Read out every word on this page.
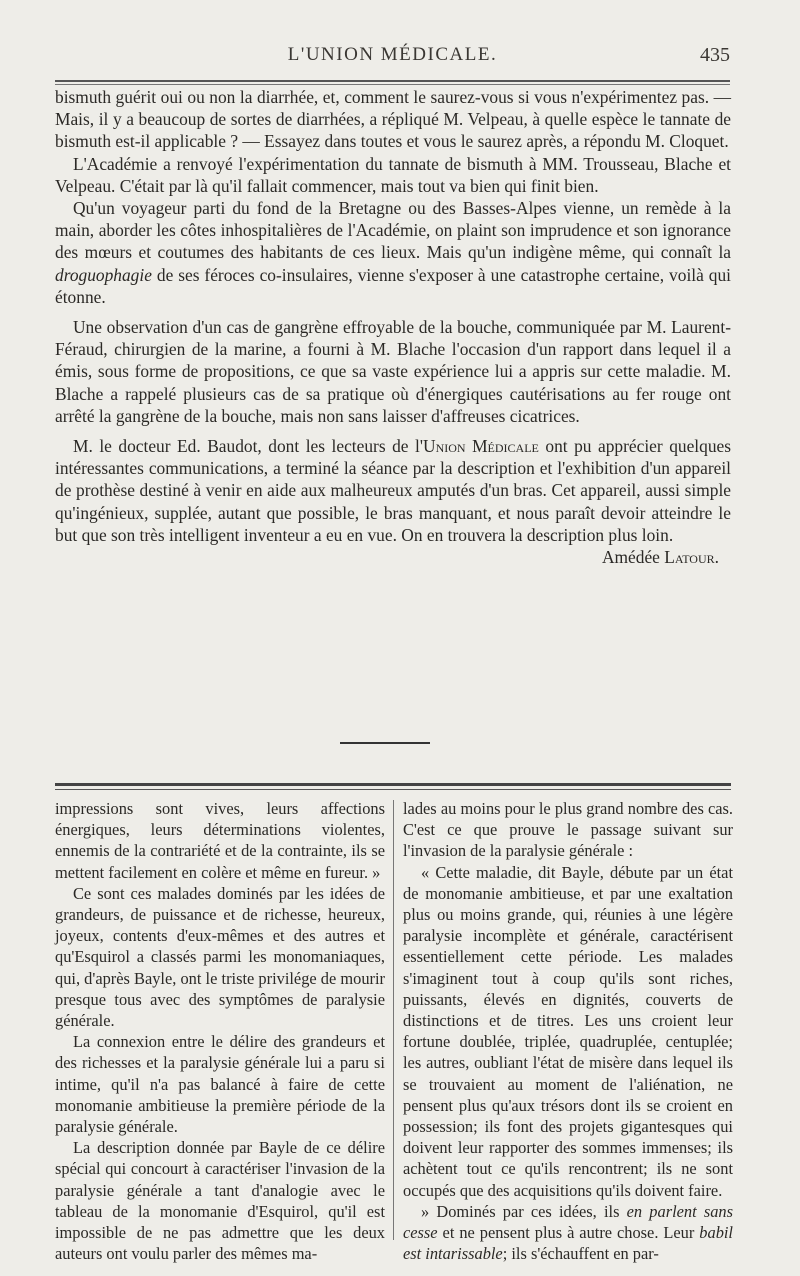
L'UNION MÉDICALE.	435

bismuth guérit oui ou non la diarrhée, et, comment le saurez-vous si vous n'expérimentez pas. — Mais, il y a beaucoup de sortes de diarrhées, a répliqué M. Velpeau, à quelle espèce le tannate de bismuth est-il applicable ? — Essayez dans toutes et vous le saurez après, a répondu M. Cloquet.

L'Académie a renvoyé l'expérimentation du tannate de bismuth à MM. Trousseau, Blache et Velpeau. C'était par là qu'il fallait commencer, mais tout va bien qui finit bien.

Qu'un voyageur parti du fond de la Bretagne ou des Basses-Alpes vienne, un remède à la main, aborder les côtes inhospitalières de l'Académie, on plaint son imprudence et son ignorance des mœurs et coutumes des habitants de ces lieux. Mais qu'un indigène même, qui connaît la droguophagie de ses féroces co-insulaires, vienne s'exposer à une catastrophe certaine, voilà qui étonne.

Une observation d'un cas de gangrène effroyable de la bouche, communiquée par M. Laurent-Féraud, chirurgien de la marine, a fourni à M. Blache l'occasion d'un rapport dans lequel il a émis, sous forme de propositions, ce que sa vaste expérience lui a appris sur cette maladie. M. Blache a rappelé plusieurs cas de sa pratique où d'énergiques cautérisations au fer rouge ont arrêté la gangrène de la bouche, mais non sans laisser d'affreuses cicatrices.

M. le docteur Ed. Baudot, dont les lecteurs de l'Union Médicale ont pu apprécier quelques intéressantes communications, a terminé la séance par la description et l'exhibition d'un appareil de prothèse destiné à venir en aide aux malheureux amputés d'un bras. Cet appareil, aussi simple qu'ingénieux, supplée, autant que possible, le bras manquant, et nous paraît devoir atteindre le but que son très intelligent inventeur a eu en vue. On en trouvera la description plus loin.

Amédée Latour.

impressions sont vives, leurs affections énergiques, leurs déterminations violentes, ennemis de la contrariété et de la contrainte, ils se mettent facilement en colère et même en fureur. »

Ce sont ces malades dominés par les idées de grandeurs, de puissance et de richesse, heureux, joyeux, contents d'eux-mêmes et des autres et qu'Esquirol a classés parmi les monomaniaques, qui, d'après Bayle, ont le triste privilége de mourir presque tous avec des symptômes de paralysie générale.

La connexion entre le délire des grandeurs et des richesses et la paralysie générale lui a paru si intime, qu'il n'a pas balancé à faire de cette monomanie ambitieuse la première période de la paralysie générale.

La description donnée par Bayle de ce délire spécial qui concourt à caractériser l'invasion de la paralysie générale a tant d'analogie avec le tableau de la monomanie d'Esquirol, qu'il est impossible de ne pas admettre que les deux auteurs ont voulu parler des mêmes ma-

lades au moins pour le plus grand nombre des cas. C'est ce que prouve le passage suivant sur l'invasion de la paralysie générale :

« Cette maladie, dit Bayle, débute par un état de monomanie ambitieuse, et par une exaltation plus ou moins grande, qui, réunies à une légère paralysie incomplète et générale, caractérisent essentiellement cette période. Les malades s'imaginent tout à coup qu'ils sont riches, puissants, élevés en dignités, couverts de distinctions et de titres. Les uns croient leur fortune doublée, triplée, quadruplée, centuplée; les autres, oubliant l'état de misère dans lequel ils se trouvaient au moment de l'aliénation, ne pensent plus qu'aux trésors dont ils se croient en possession; ils font des projets gigantesques qui doivent leur rapporter des sommes immenses; ils achètent tout ce qu'ils rencontrent; ils ne sont occupés que des acquisitions qu'ils doivent faire.

» Dominés par ces idées, ils en parlent sans cesse et ne pensent plus à autre chose. Leur babil est intarissable; ils s'échauffent en par-
